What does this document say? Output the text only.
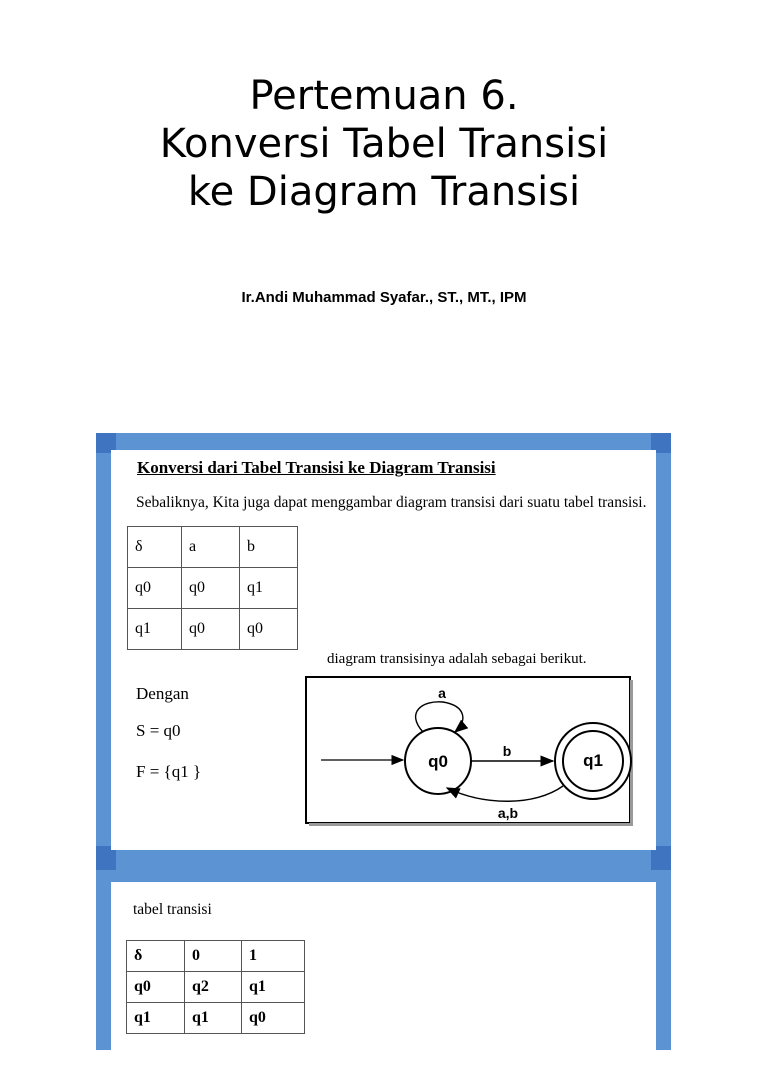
Pertemuan 6.
Konversi Tabel Transisi
ke Diagram Transisi
Ir.Andi Muhammad Syafar., ST., MT., IPM
Konversi dari Tabel Transisi ke Diagram Transisi
Sebaliknya, Kita juga dapat menggambar diagram transisi dari suatu tabel transisi.
δ	a	b
q0	q0	q1
q1	q0	q0
diagram transisinya adalah sebagai berikut.
Dengan
S = q0
F = {q1 }
q0
a
b	q1
a,b
tabel transisi
δ	0	1
q0	q2	q1
q1	q1	q0
